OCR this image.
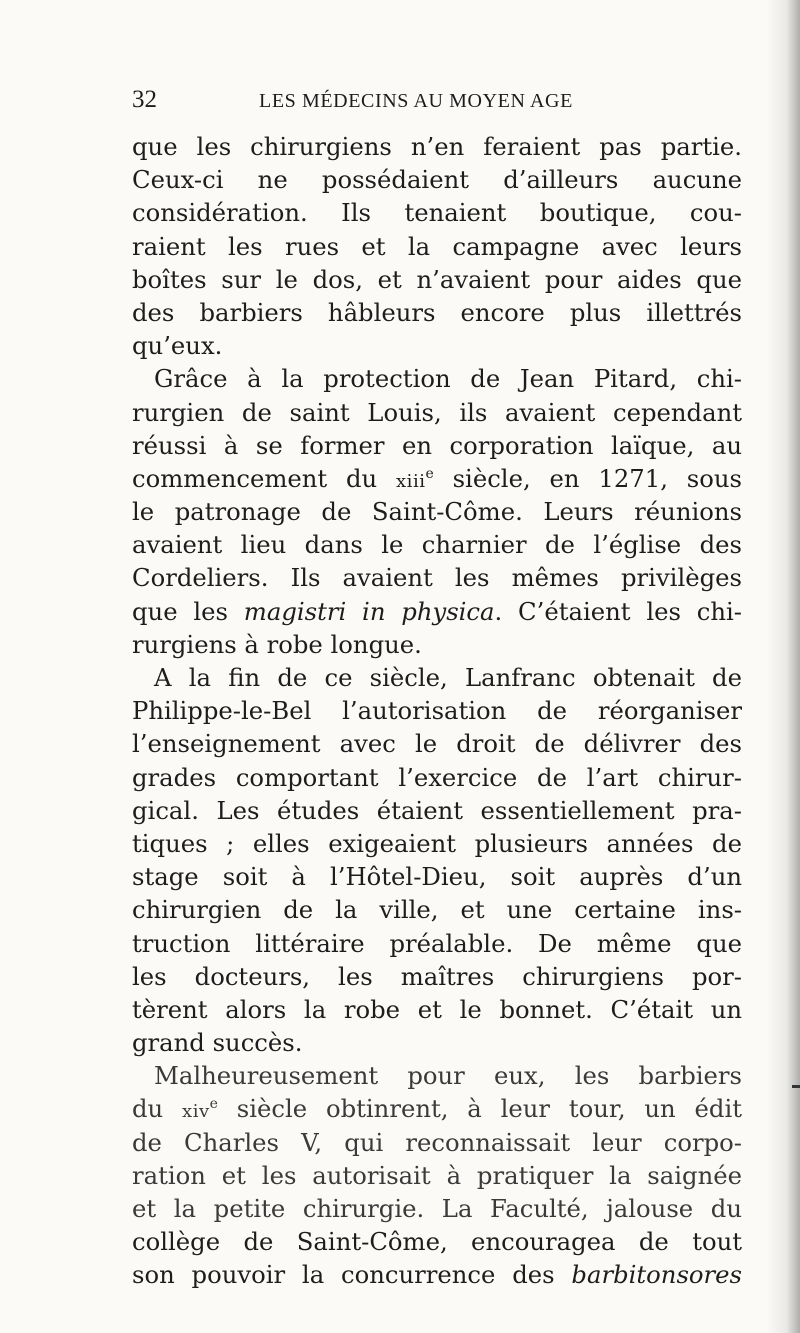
32	LES MÉDECINS AU MOYEN AGE
que les chirurgiens n’en feraient pas partie.
Ceux-ci ne possédaient d’ailleurs aucune
considération. Ils tenaient boutique, cou-
raient les rues et la campagne avec leurs
boîtes sur le dos, et n’avaient pour aides que
des barbiers hâbleurs encore plus illettrés
qu’eux.
Grâce à la protection de Jean Pitard, chi-
rurgien de saint Louis, ils avaient cependant
réussi à se former en corporation laïque, au
commencement du xiii$^e$ siècle, en 1271, sous
le patronage de Saint-Côme. Leurs réunions
avaient lieu dans le charnier de l’église des
Cordeliers. Ils avaient les mêmes privilèges
que les magistri in physica. C’étaient les chi-
rurgiens à robe longue.
A la fin de ce siècle, Lanfranc obtenait de
Philippe-le-Bel l’autorisation de réorganiser
l’enseignement avec le droit de délivrer des
grades comportant l’exercice de l’art chirur-
gical. Les études étaient essentiellement pra-
tiques ; elles exigeaient plusieurs années de
stage soit à l’Hôtel-Dieu, soit auprès d’un
chirurgien de la ville, et une certaine ins-
truction littéraire préalable. De même que
les docteurs, les maîtres chirurgiens por-
tèrent alors la robe et le bonnet. C’était un
grand succès.
Malheureusement pour eux, les barbiers
du xiv$^e$ siècle obtinrent, à leur tour, un édit
de Charles V, qui reconnaissait leur corpo-
ration et les autorisait à pratiquer la saignée
et la petite chirurgie. La Faculté, jalouse du
collège de Saint-Côme, encouragea de tout
son pouvoir la concurrence des barbitonsores
